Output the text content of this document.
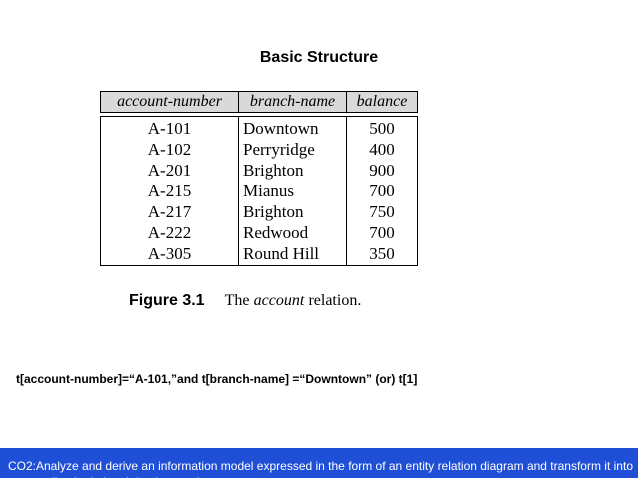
Basic Structure
account-number	branch-name	balance
A-101
A-102
A-201
A-215
A-217
A-222
A-305
Downtown
Perryridge
Brighton
Mianus
Brighton
Redwood
Round Hill
500
400
900
700
750
700
350
Figure 3.1 The account relation.
t[account-number]=“A-101,”and t[branch-name] =“Downtown” (or) t[1]
CO2:Analyze and derive an information model expressed in the form of an entity relation diagram and transform it into a normalized relational database schema
